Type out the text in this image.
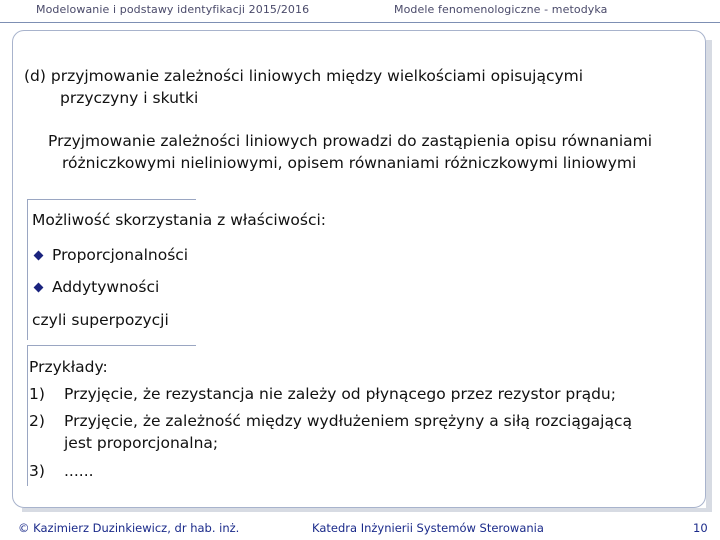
Modelowanie i podstawy identyfikacji 2015/2016	Modele fenomenologiczne - metodyka
(d) przyjmowanie zależności liniowych między wielkościami opisującymi
przyczyny i skutki
Przyjmowanie zależności liniowych prowadzi do zastąpienia opisu równaniami
różniczkowymi nieliniowymi, opisem równaniami różniczkowymi liniowymi
Możliwość skorzystania z właściwości:
Proporcjonalności
Addytywności
czyli superpozycji
Przykłady:
1) Przyjęcie, że rezystancja nie zależy od płynącego przez rezystor prądu;
2) Przyjęcie, że zależność między wydłużeniem sprężyny a siłą rozciągającą
jest proporcjonalna;
3) ......
© Kazimierz Duzinkiewicz, dr hab. inż.	Katedra Inżynierii Systemów Sterowania	10
